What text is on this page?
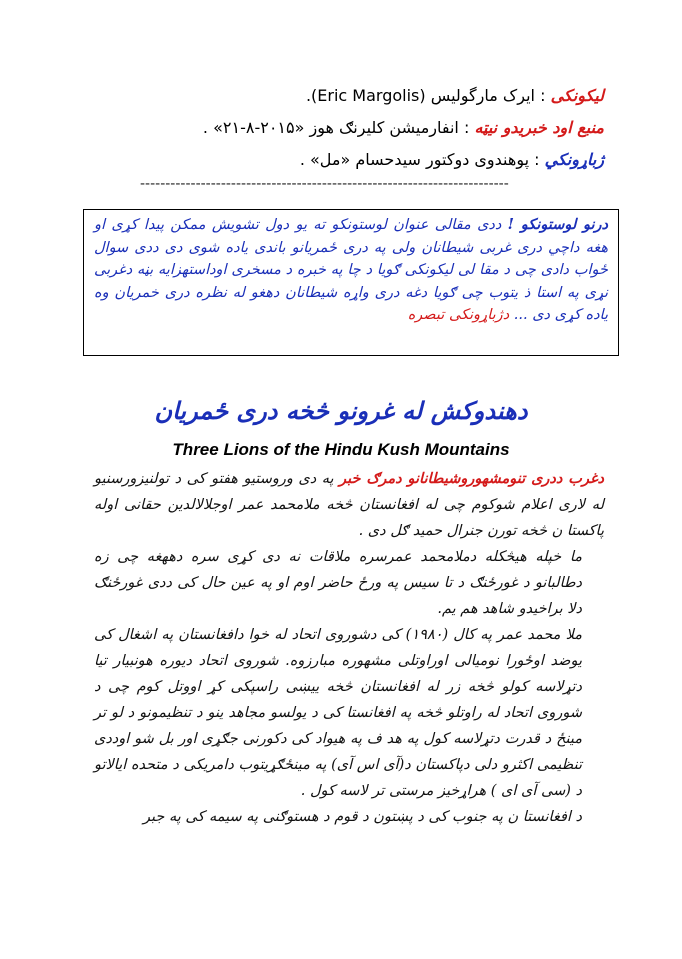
لیکونکی : ایرک مارگولیس (Eric Margolis).
منبع اود خبریدو نیټه : انفارمیشن کلیرنګ هوز «۲۰۱۵-۸-۲۱» .
ژباړونکي : پوهندوی دوکتور سیدحسام «مل» .
-------------------------------------------------------------------------
درنو لوستونکو ! ددی مقالی عنوان لوستونکو ته یو دول تشویش ممکن پیدا کړی او هغه داچي دری غربی شیطانان ولی په دری ځمریانو باندی یاده شوی دی ددی سوال ځواب دادی چی د مقا لی لیکونکی ګویا د چا په خبره د مسخری اوداستهزایه بڼه دغربی نړی په استا ذ یتوب چی ګویا دغه دری واړه شیطانان دهغو له نظره دری خمریان وه یاده کړی دی ... دژباړونکی تبصره
دهندوکش له غرونو څخه دری ځمریان
Three Lions of the Hindu Kush Mountains

دغرب ددری تنومشهوروشیطانانو دمرګ خبر په دی وروستیو هفتو کی د تولنیزورسنیو له لاری اعلام شوکوم چی له افغانستان څخه ملامحمد عمر اوجلالالدین حقانی اوله پاکستا ن څخه تورن جنرال حمید ګل دی .

ما خپله هیڅکله دملامحمد عمرسره ملاقات نه دی کړی سره دههغه چی زه دطالبانو د غورځنګ د تا سیس په ورځ حاضر اوم او په عین حال کی ددی غورځنګ دلا براخیدو شاهد هم یم.

ملا محمد عمر په کال (۱۹۸۰) کی دشوروی اتحاد له خوا دافغانستان په اشغال کی یوضد اوځورا نومیالی اوراوتلی مشهوره مبارزوه. شوروی اتحاد دیوره هونبیار تیا دتړلاسه کولو څخه زر له افغانستان څخه ییښی راسپکی کړ اووتل کوم چی د شوروی اتحاد له راوتلو څخه په افغانستا کی د یولسو مجاهد ینو د تنظیمونو د لو تر مینځ د قدرت دتړلاسه کول په هد ف په هیواد کی دکورنی جګړی اور بل شو اوددی تنظیمی اکثرو دلی دپاکستان د(آی اس آی) په مینځګړیتوب دامریکی د متحده ایالاتو د (سی آی ای ) هراړخیز مرستی تر لاسه کول .

د افغانستا ن په جنوب کی د پښتون د قوم د هستوګنی په سیمه کی په جبر
